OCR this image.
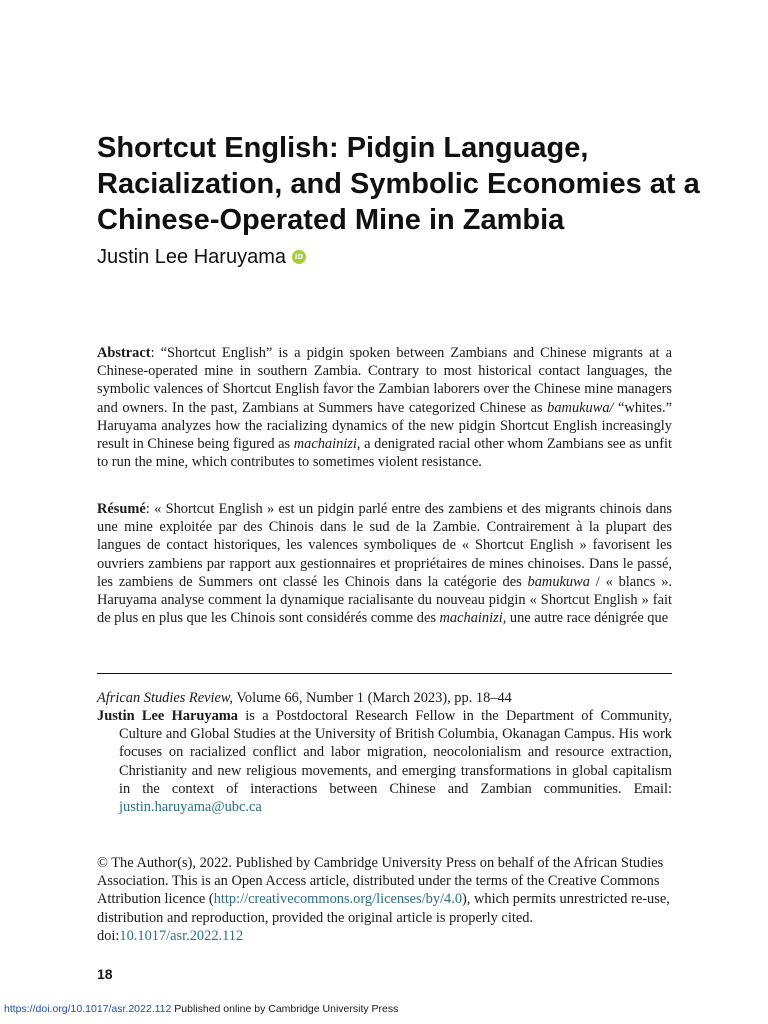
Shortcut English: Pidgin Language, Racialization, and Symbolic Economies at a Chinese-Operated Mine in Zambia
Justin Lee Haruyama	iD

Abstract: “Shortcut English” is a pidgin spoken between Zambians and Chinese migrants at a Chinese-operated mine in southern Zambia. Contrary to most historical contact languages, the symbolic valences of Shortcut English favor the Zambian laborers over the Chinese mine managers and owners. In the past, Zambians at Summers have categorized Chinese as bamukuwa/ “whites.” Haruyama analyzes how the racializing dynamics of the new pidgin Shortcut English increasingly result in Chinese being figured as machainizi, a denigrated racial other whom Zambians see as unfit to run the mine, which contributes to sometimes violent resistance.

Résumé: « Shortcut English » est un pidgin parlé entre des zambiens et des migrants chinois dans une mine exploitée par des Chinois dans le sud de la Zambie. Contrairement à la plupart des langues de contact historiques, les valences symboliques de « Shortcut English » favorisent les ouvriers zambiens par rapport aux gestionnaires et propriétaires de mines chinoises. Dans le passé, les zambiens de Summers ont classé les Chinois dans la catégorie des bamukuwa / « blancs ». Haruyama analyse comment la dynamique racialisante du nouveau pidgin « Shortcut English » fait de plus en plus que les Chinois sont considérés comme des machainizi, une autre race dénigrée que

African Studies Review, Volume 66, Number 1 (March 2023), pp. 18–44

Justin Lee Haruyama is a Postdoctoral Research Fellow in the Department of Community, Culture and Global Studies at the University of British Columbia, Okanagan Campus. His work focuses on racialized conflict and labor migration, neocolonialism and resource extraction, Christianity and new religious movements, and emerging transformations in global capitalism in the context of interactions between Chinese and Zambian communities. Email: justin.haruyama@ubc.ca

© The Author(s), 2022. Published by Cambridge University Press on behalf of the African Studies Association. This is an Open Access article, distributed under the terms of the Creative Commons Attribution licence (http://creativecommons.org/licenses/by/4.0), which permits unrestricted re-use, distribution and reproduction, provided the original article is properly cited.
doi:10.1017/asr.2022.112

18
https://doi.org/10.1017/asr.2022.112 Published online by Cambridge University Press
